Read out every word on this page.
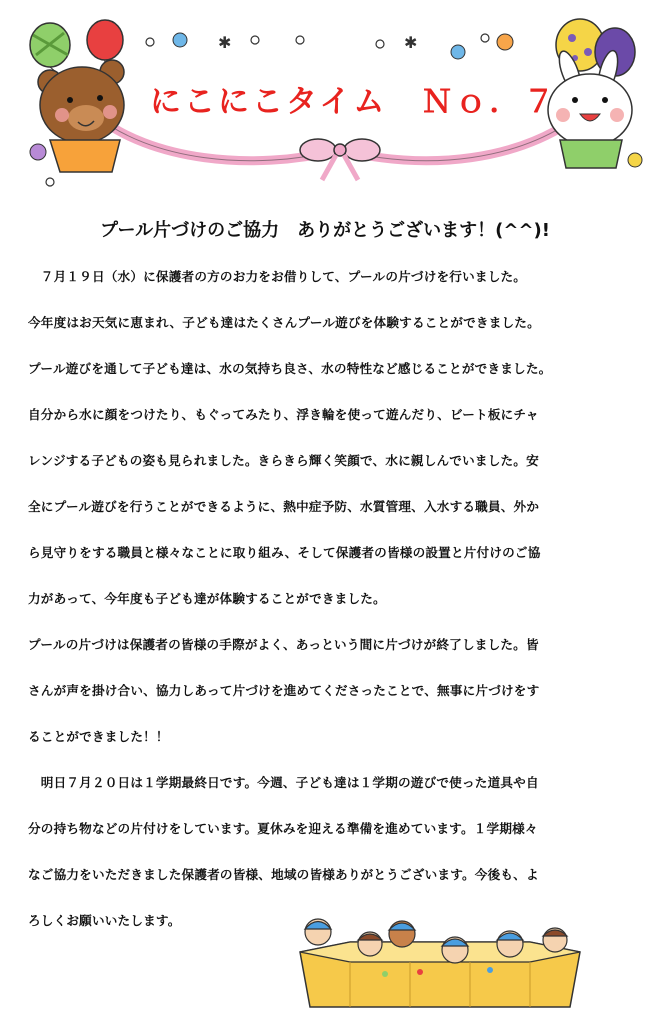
✱	✱
にこにこタイム　Ｎｏ．７
プール片づけのご協力　ありがとうございます！(^^)!
　７月１９日（水）に保護者の方のお力をお借りして、プールの片づけを行いました。
今年度はお天気に恵まれ、子ども達はたくさんプール遊びを体験することができました。
プール遊びを通して子ども達は、水の気持ち良さ、水の特性など感じることができました。
自分から水に顔をつけたり、もぐってみたり、浮き輪を使って遊んだり、ビート板にチャ
レンジする子どもの姿も見られました。きらきら輝く笑顔で、水に親しんでいました。安
全にプール遊びを行うことができるように、熱中症予防、水質管理、入水する職員、外か
ら見守りをする職員と様々なことに取り組み、そして保護者の皆様の設置と片付けのご協
力があって、今年度も子ども達が体験することができました。
プールの片づけは保護者の皆様の手際がよく、あっという間に片づけが終了しました。皆
さんが声を掛け合い、協力しあって片づけを進めてくださったことで、無事に片づけをす
ることができました！！
　明日７月２０日は１学期最終日です。今週、子ども達は１学期の遊びで使った道具や自
分の持ち物などの片付けをしています。夏休みを迎える準備を進めています。１学期様々
なご協力をいただきました保護者の皆様、地域の皆様ありがとうございます。今後も、よ
ろしくお願いいたします。
